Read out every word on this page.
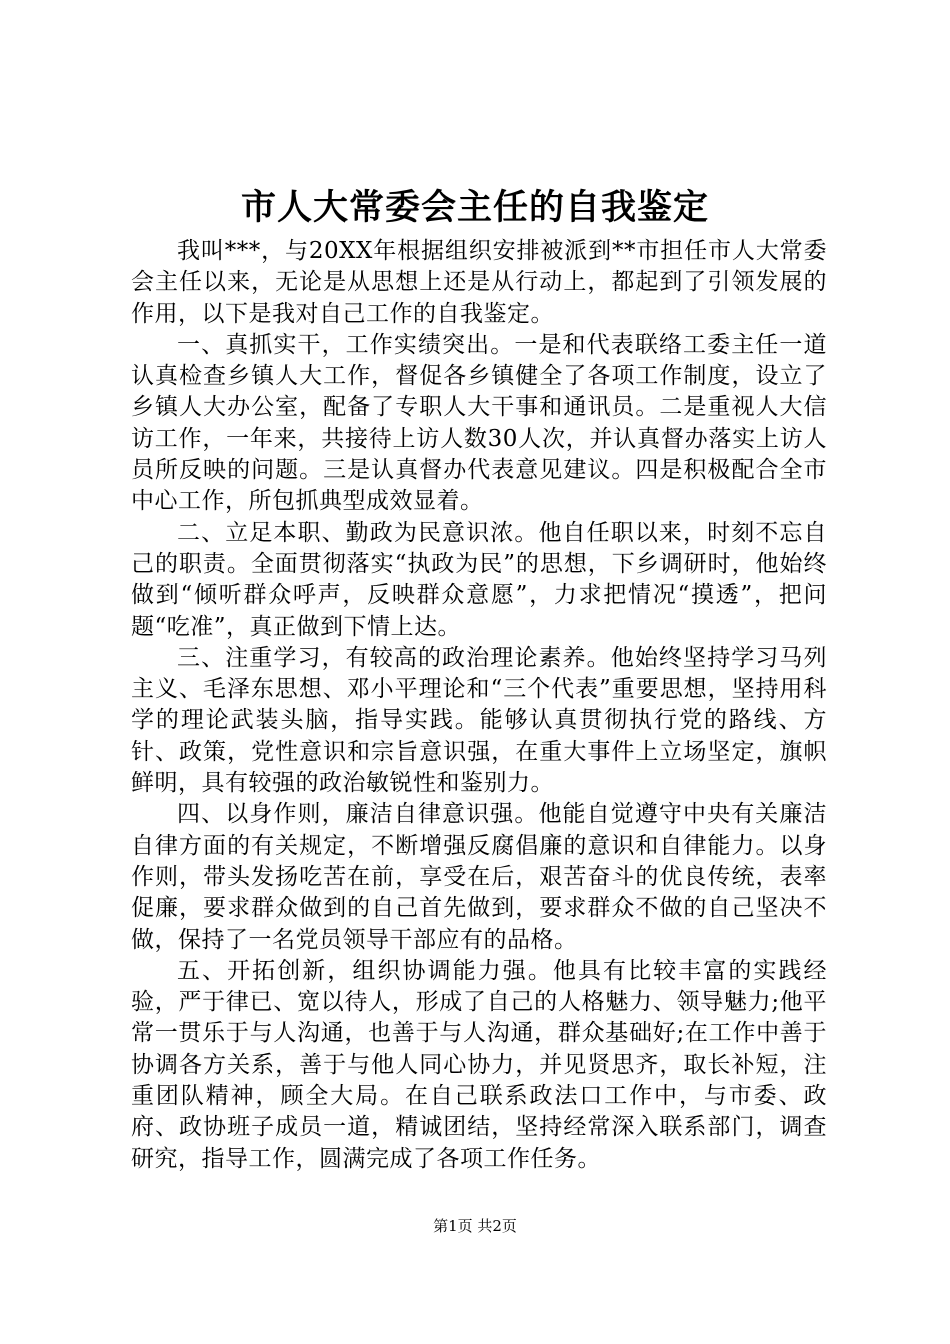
市人大常委会主任的自我鉴定

我叫***，与20XX年根据组织安排被派到**市担任市人大常委会主任以来，无论是从思想上还是从行动上，都起到了引领发展的作用，以下是我对自己工作的自我鉴定。

一、真抓实干，工作实绩突出。一是和代表联络工委主任一道认真检查乡镇人大工作，督促各乡镇健全了各项工作制度，设立了乡镇人大办公室，配备了专职人大干事和通讯员。二是重视人大信访工作，一年来，共接待上访人数30人次，并认真督办落实上访人员所反映的问题。三是认真督办代表意见建议。四是积极配合全市中心工作，所包抓典型成效显着。

二、立足本职、勤政为民意识浓。他自任职以来，时刻不忘自己的职责。全面贯彻落实“执政为民”的思想，下乡调研时，他始终做到“倾听群众呼声，反映群众意愿”，力求把情况“摸透”，把问题“吃准”，真正做到下情上达。

三、注重学习，有较高的政治理论素养。他始终坚持学习马列主义、毛泽东思想、邓小平理论和“三个代表”重要思想，坚持用科学的理论武装头脑，指导实践。能够认真贯彻执行党的路线、方针、政策，党性意识和宗旨意识强，在重大事件上立场坚定，旗帜鲜明，具有较强的政治敏锐性和鉴别力。

四、以身作则，廉洁自律意识强。他能自觉遵守中央有关廉洁自律方面的有关规定，不断增强反腐倡廉的意识和自律能力。以身作则，带头发扬吃苦在前，享受在后，艰苦奋斗的优良传统，表率促廉，要求群众做到的自己首先做到，要求群众不做的自己坚决不做，保持了一名党员领导干部应有的品格。

五、开拓创新，组织协调能力强。他具有比较丰富的实践经验，严于律已、宽以待人，形成了自己的人格魅力、领导魅力;他平常一贯乐于与人沟通，也善于与人沟通，群众基础好;在工作中善于协调各方关系，善于与他人同心协力，并见贤思齐，取长补短，注重团队精神，顾全大局。在自己联系政法口工作中，与市委、政府、政协班子成员一道，精诚团结，坚持经常深入联系部门，调查研究，指导工作，圆满完成了各项工作任务。

第1页 共2页
